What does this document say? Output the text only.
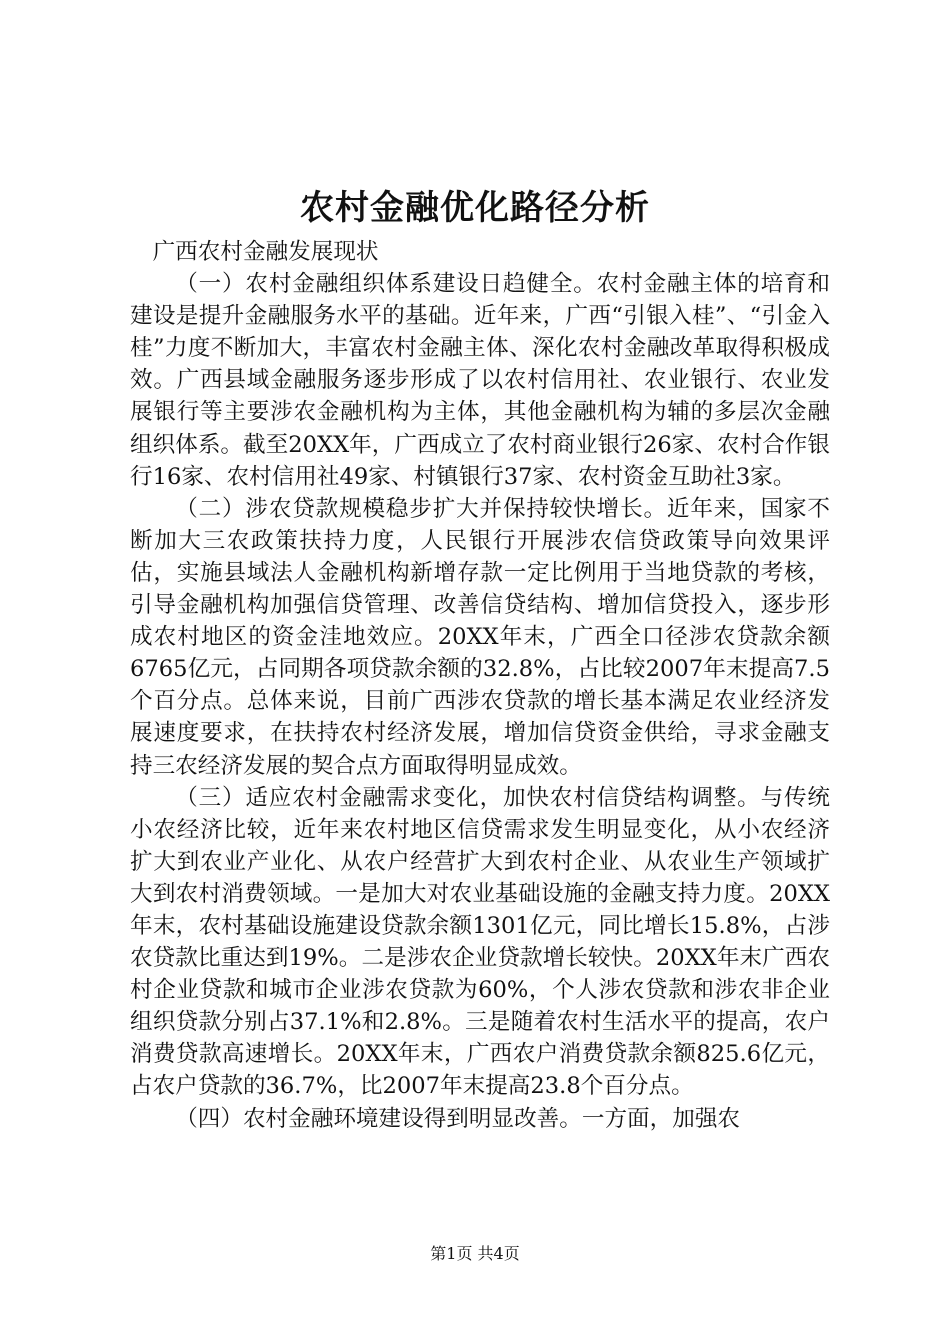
农村金融优化路径分析

广西农村金融发展现状

（一）农村金融组织体系建设日趋健全。农村金融主体的培育和建设是提升金融服务水平的基础。近年来，广西“引银入桂”、“引金入桂”力度不断加大，丰富农村金融主体、深化农村金融改革取得积极成效。广西县域金融服务逐步形成了以农村信用社、农业银行、农业发展银行等主要涉农金融机构为主体，其他金融机构为辅的多层次金融组织体系。截至20XX年，广西成立了农村商业银行26家、农村合作银行16家、农村信用社49家、村镇银行37家、农村资金互助社3家。

（二）涉农贷款规模稳步扩大并保持较快增长。近年来，国家不断加大三农政策扶持力度，人民银行开展涉农信贷政策导向效果评估，实施县域法人金融机构新增存款一定比例用于当地贷款的考核，引导金融机构加强信贷管理、改善信贷结构、增加信贷投入，逐步形成农村地区的资金洼地效应。20XX年末，广西全口径涉农贷款余额6765亿元，占同期各项贷款余额的32.8%，占比较2007年末提高7.5个百分点。总体来说，目前广西涉农贷款的增长基本满足农业经济发展速度要求，在扶持农村经济发展，增加信贷资金供给，寻求金融支持三农经济发展的契合点方面取得明显成效。

（三）适应农村金融需求变化，加快农村信贷结构调整。与传统小农经济比较，近年来农村地区信贷需求发生明显变化，从小农经济扩大到农业产业化、从农户经营扩大到农村企业、从农业生产领域扩大到农村消费领域。一是加大对农业基础设施的金融支持力度。20XX年末，农村基础设施建设贷款余额1301亿元，同比增长15.8%，占涉农贷款比重达到19%。二是涉农企业贷款增长较快。20XX年末广西农村企业贷款和城市企业涉农贷款为60%，个人涉农贷款和涉农非企业组织贷款分别占37.1%和2.8%。三是随着农村生活水平的提高，农户消费贷款高速增长。20XX年末，广西农户消费贷款余额825.6亿元，占农户贷款的36.7%，比2007年末提高23.8个百分点。

（四）农村金融环境建设得到明显改善。一方面，加强农

第1页 共4页
